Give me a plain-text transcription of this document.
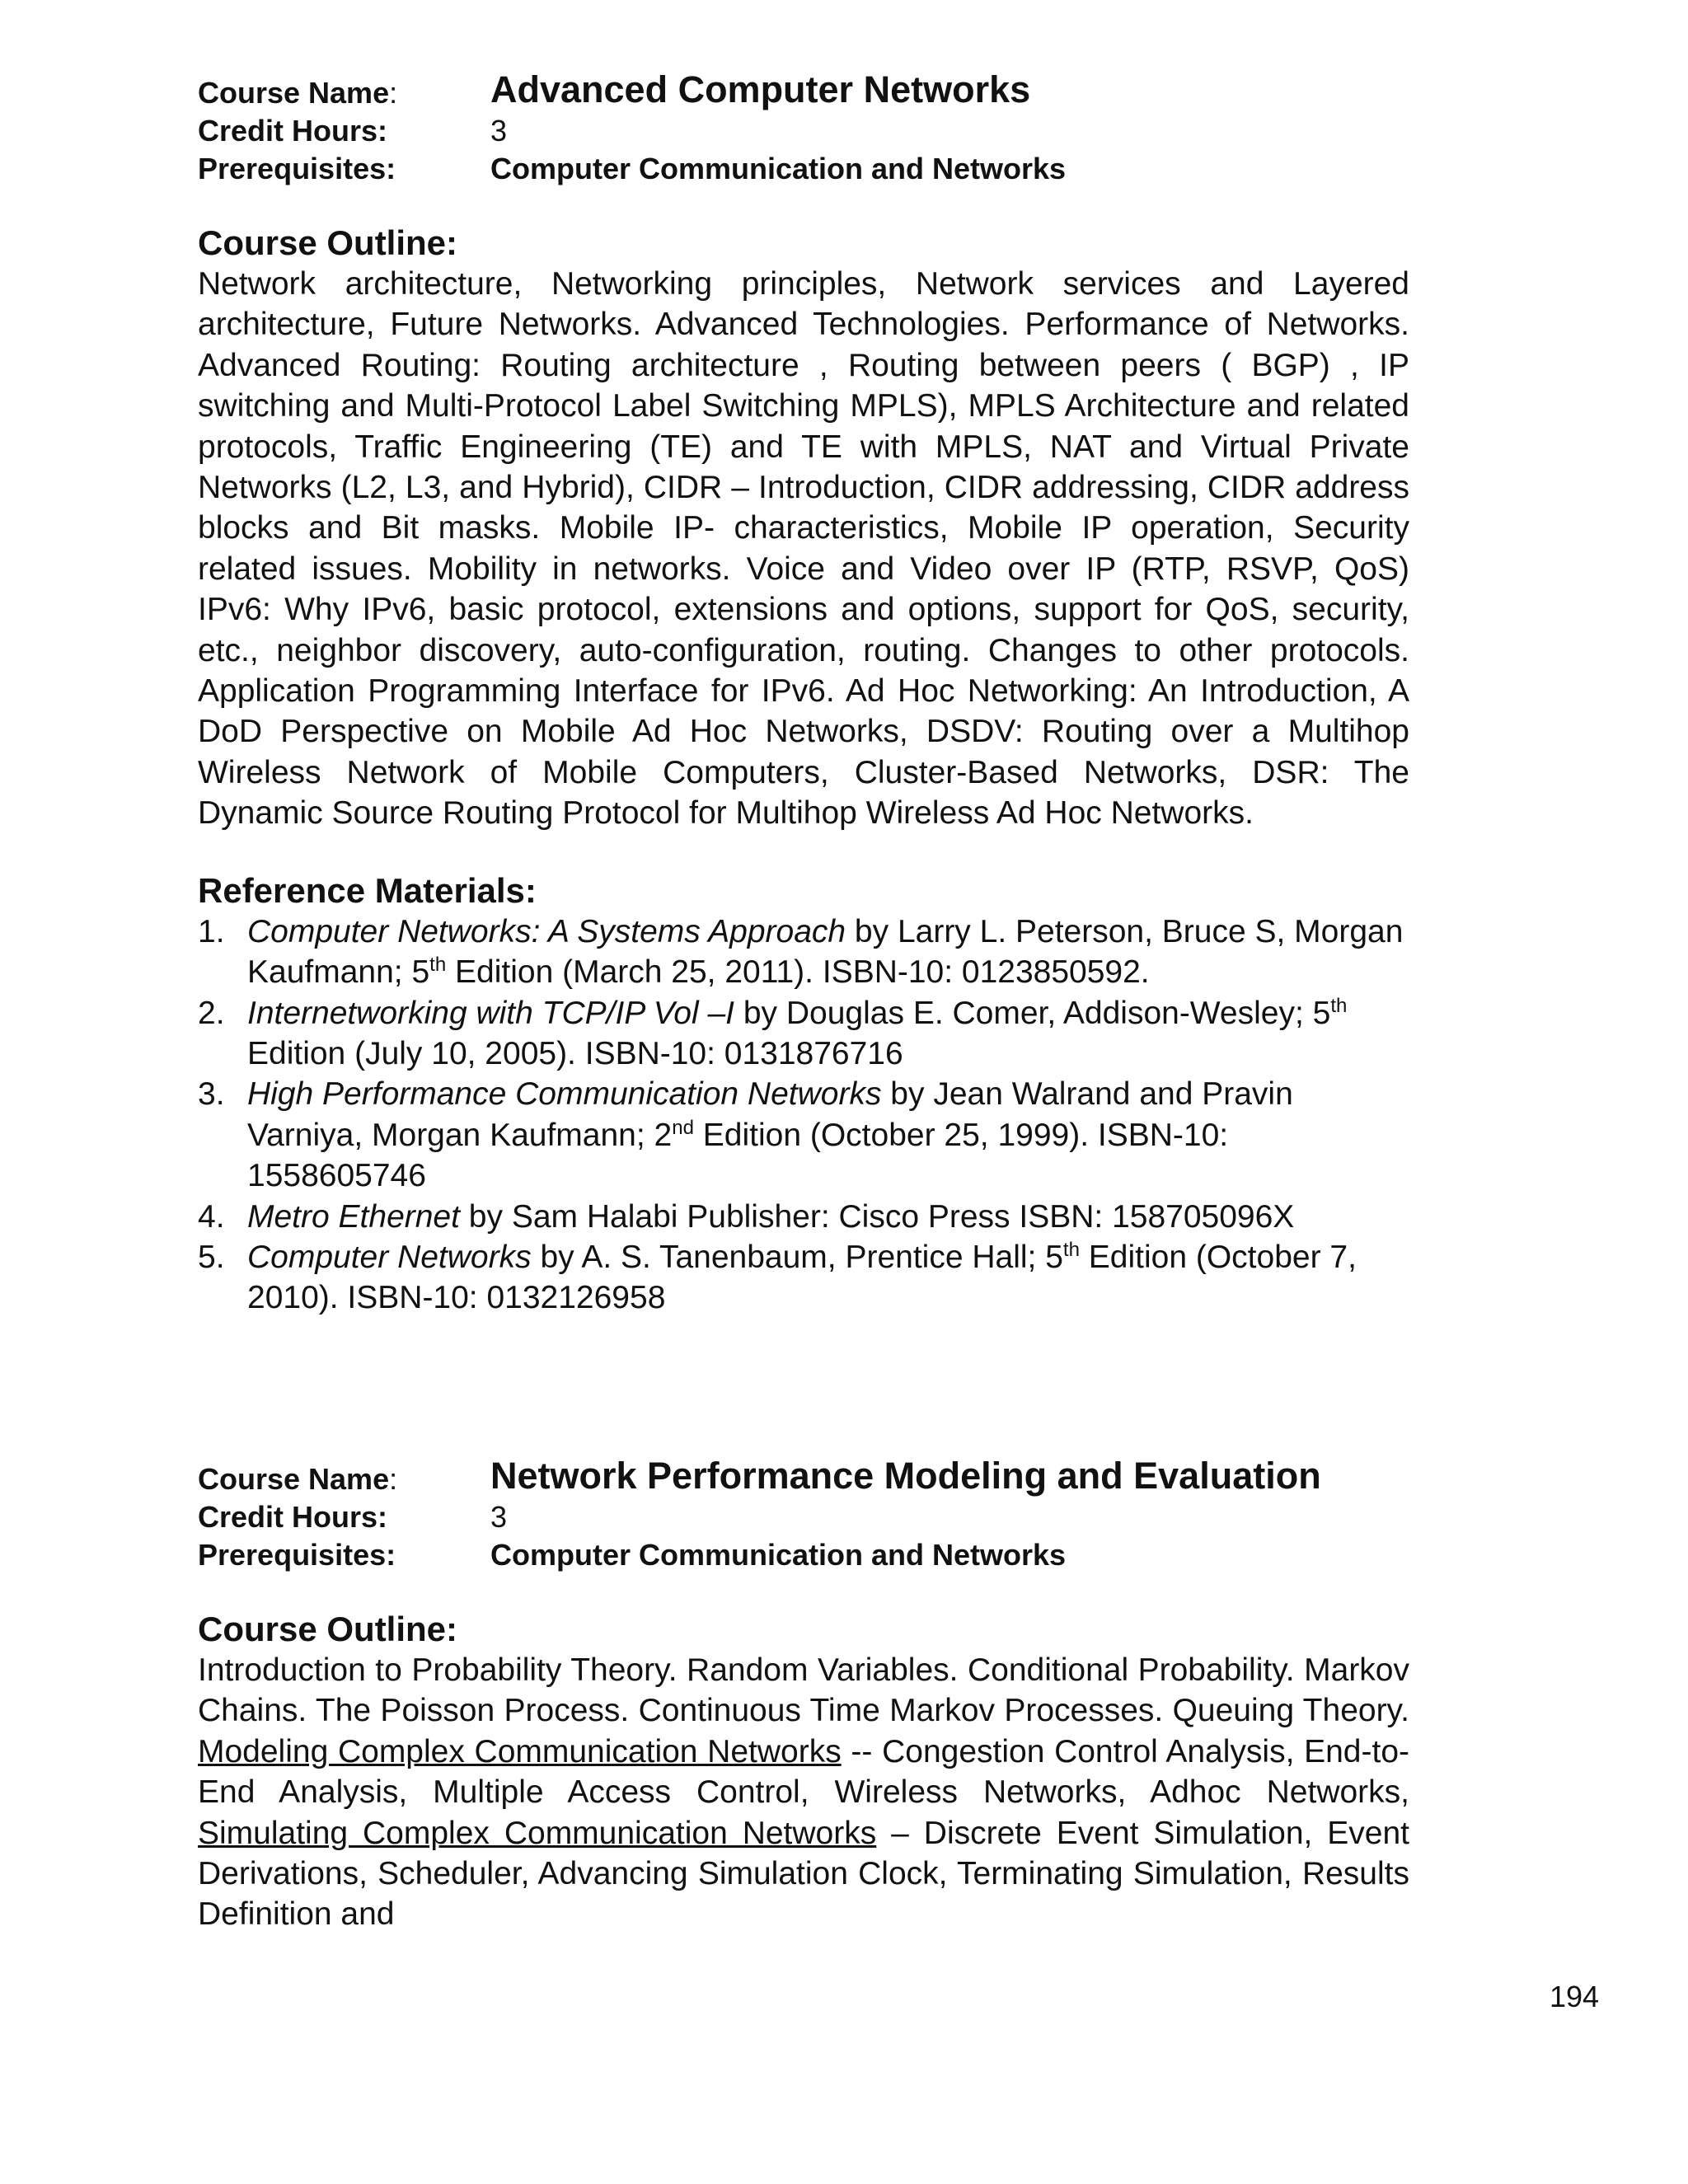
Course Name:	Advanced Computer Networks
Credit Hours:	3
Prerequisites:	Computer Communication and Networks
Course Outline:

Network architecture, Networking principles, Network services and Layered architecture, Future Networks. Advanced Technologies. Performance of Networks. Advanced Routing: Routing architecture , Routing between peers ( BGP) , IP switching and Multi-Protocol Label Switching MPLS), MPLS Architecture and related protocols, Traffic Engineering (TE) and TE with MPLS, NAT and Virtual Private Networks (L2, L3, and Hybrid), CIDR – Introduction, CIDR addressing, CIDR address blocks and Bit masks. Mobile IP- characteristics, Mobile IP operation, Security related issues. Mobility in networks. Voice and Video over IP (RTP, RSVP, QoS) IPv6: Why IPv6, basic protocol, extensions and options, support for QoS, security, etc., neighbor discovery, auto-configuration, routing. Changes to other protocols. Application Programming Interface for IPv6. Ad Hoc Networking: An Introduction, A DoD Perspective on Mobile Ad Hoc Networks, DSDV: Routing over a Multihop Wireless Network of Mobile Computers, Cluster-Based Networks, DSR: The Dynamic Source Routing Protocol for Multihop Wireless Ad Hoc Networks.

Reference Materials:
1. Computer Networks: A Systems Approach by Larry L. Peterson, Bruce S, Morgan Kaufmann; 5th Edition (March 25, 2011). ISBN-10: 0123850592.
2. Internetworking with TCP/IP Vol –I by Douglas E. Comer, Addison-Wesley; 5th Edition (July 10, 2005). ISBN-10: 0131876716
3. High Performance Communication Networks by Jean Walrand and Pravin Varniya, Morgan Kaufmann; 2nd Edition (October 25, 1999). ISBN-10: 1558605746
4. Metro Ethernet by Sam Halabi Publisher: Cisco Press ISBN: 158705096X
5. Computer Networks by A. S. Tanenbaum, Prentice Hall; 5th Edition (October 7, 2010). ISBN-10: 0132126958
Course Name:	Network Performance Modeling and Evaluation
Credit Hours:	3
Prerequisites:	Computer Communication and Networks
Course Outline:

Introduction to Probability Theory. Random Variables. Conditional Probability. Markov Chains. The Poisson Process. Continuous Time Markov Processes. Queuing Theory. Modeling Complex Communication Networks -- Congestion Control Analysis, End-to-End Analysis, Multiple Access Control, Wireless Networks, Adhoc Networks, Simulating Complex Communication Networks – Discrete Event Simulation, Event Derivations, Scheduler, Advancing Simulation Clock, Terminating Simulation, Results Definition and

194
